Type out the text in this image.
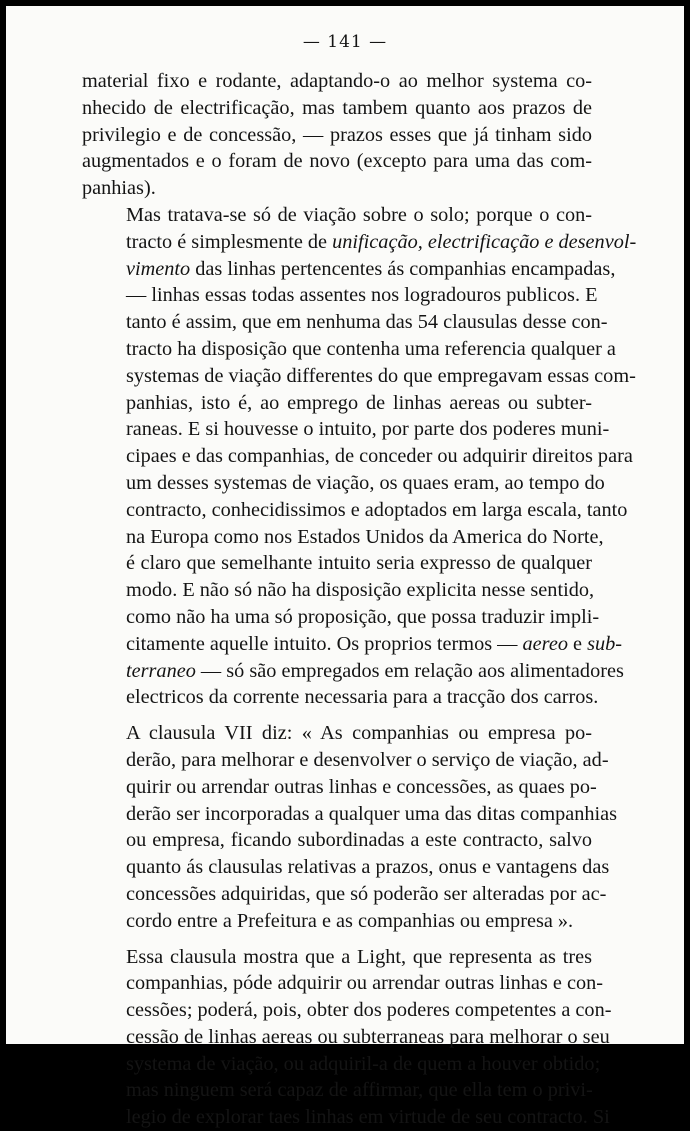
— 141 —

material fixo e rodante, adaptando-o ao melhor systema co-
nhecido de electrificação, mas tambem quanto aos prazos de
privilegio e de concessão, — prazos esses que já tinham sido
augmentados e o foram de novo (excepto para uma das com-
panhias).

Mas tratava-se só de viação sobre o solo; porque o con-
tracto é simplesmente de unificação, electrificação e desenvol-
vimento das linhas pertencentes ás companhias encampadas,
— linhas essas todas assentes nos logradouros publicos. E
tanto é assim, que em nenhuma das 54 clausulas desse con-
tracto ha disposição que contenha uma referencia qualquer a
systemas de viação differentes do que empregavam essas com-
panhias, isto é, ao emprego de linhas aereas ou subter-
raneas. E si houvesse o intuito, por parte dos poderes muni-
cipaes e das companhias, de conceder ou adquirir direitos para
um desses systemas de viação, os quaes eram, ao tempo do
contracto, conhecidissimos e adoptados em larga escala, tanto
na Europa como nos Estados Unidos da America do Norte,
é claro que semelhante intuito seria expresso de qualquer
modo. E não só não ha disposição explicita nesse sentido,
como não ha uma só proposição, que possa traduzir impli-
citamente aquelle intuito. Os proprios termos — aereo e sub-
terraneo — só são empregados em relação aos alimentadores
electricos da corrente necessaria para a tracção dos carros.

A clausula VII diz: « As companhias ou empresa po-
derão, para melhorar e desenvolver o serviço de viação, ad-
quirir ou arrendar outras linhas e concessões, as quaes po-
derão ser incorporadas a qualquer uma das ditas companhias
ou empresa, ficando subordinadas a este contracto, salvo
quanto ás clausulas relativas a prazos, onus e vantagens das
concessões adquiridas, que só poderão ser alteradas por ac-
cordo entre a Prefeitura e as companhias ou empresa ».

Essa clausula mostra que a Light, que representa as tres
companhias, póde adquirir ou arrendar outras linhas e con-
cessões; poderá, pois, obter dos poderes competentes a con-
cessão de linhas aereas ou subterraneas para melhorar o seu
systema de viação, ou adquiril-a de quem a houver obtido;
mas ninguem será capaz de affirmar, que ella tem o privi-
legio de explorar taes linhas em virtude de seu contracto. Si
